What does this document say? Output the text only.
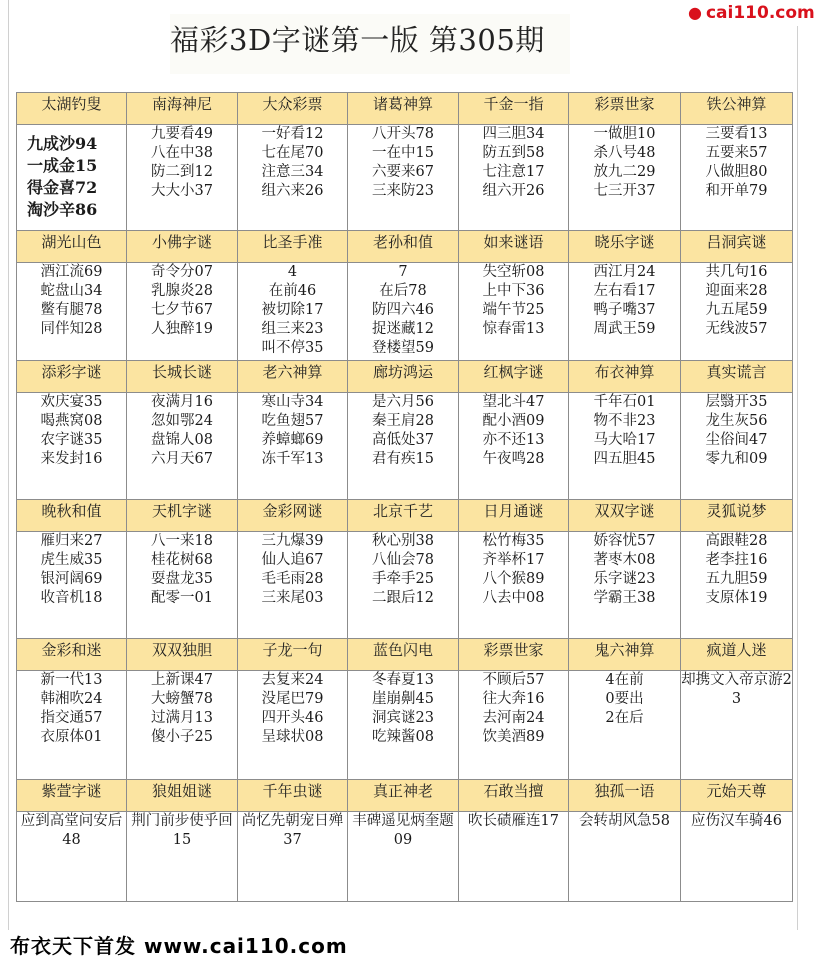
福彩3D字谜第一版 第305期
● cai110.com
太湖钓叟	南海神尼	大众彩票	诸葛神算	千金一指	彩票世家	铁公神算

九成沙94
一成金15
得金喜72
淘沙辛86	九要看49
八在中38
防二到12
大大小37	一好看12
七在尾70
注意三34
组六来26	八开头78
一在中15
六要来67
三来防23	四三胆34
防五到58
七注意17
组六开26	一做胆10
杀八号48
放九二29
七三开37	三要看13
五要来57
八做胆80
和开单79

湖光山色	小佛字谜	比圣手准	老孙和值	如来谜语	晓乐字谜	吕洞宾谜

酒江流69
蛇盘山34
鳖有腿78
同伴知28	奇令分07
乳腺炎28
七夕节67
人独醉19	4
在前46
被切除17
组三来23
叫不停35	7
在后78
防四六46
捉迷藏12
登楼望59	失空斩08
上中下36
端午节25
惊春雷13	西江月24
左右看17
鸭子嘴37
周武王59	共几句16
迎面来28
九五尾59
无线波57

添彩字谜	长城长谜	老六神算	廊坊鸿运	红枫字谜	布衣神算	真实谎言

欢庆宴35
喝燕窝08
农字谜35
来发封16	夜满月16
忽如鄂24
盘锦人08
六月天67	寒山寺34
吃鱼翅57
养蟑螂69
冻千军13	是六月56
秦王肩28
高低处37
君有疾15	望北斗47
配小酒09
亦不还13
午夜鸣28	千年石01
物不非23
马大哈17
四五胆45	层翳开35
龙生灰56
尘俗间47
零九和09

晚秋和值	天机字谜	金彩网谜	北京千艺	日月通谜	双双字谜	灵狐说梦

雁归来27
虎生威35
银河阔69
收音机18	八一来18
桂花树68
耍盘龙35
配零一01	三九爆39
仙人追67
毛毛雨28
三来尾03	秋心别38
八仙会78
手牵手25
二跟后12	松竹梅35
齐举杯17
八个猴89
八去中08	娇容忧57
著枣木08
乐字谜23
学霸王38	高跟鞋28
老李拄16
五九胆59
支原体19

金彩和迷	双双独胆	子龙一句	蓝色闪电	彩票世家	鬼六神算	疯道人迷

新一代13
韩湘吹24
指交通57
衣原体01	上新课47
大螃蟹78
过满月13
傻小子25	去复来24
没尾巴79
四开头46
呈球状08	冬春夏13
崖崩劓45
洞宾谜23
吃辣酱08	不顾后57
往大奔16
去河南24
饮美酒89	4在前
0要出
2在后	却携文入帝京游23

紫萱字谜	狼姐姐谜	千年虫谜	真正神老	石敢当擅	独孤一语	元始天尊

应到高堂问安后48	荆门前步使乎回15	尚忆先朝宠日殚37	丰碑遥见炳奎题09	吹长碛雁连17	会转胡风急58	应伤汉车骑46
布衣天下首发 www.cai110.com
